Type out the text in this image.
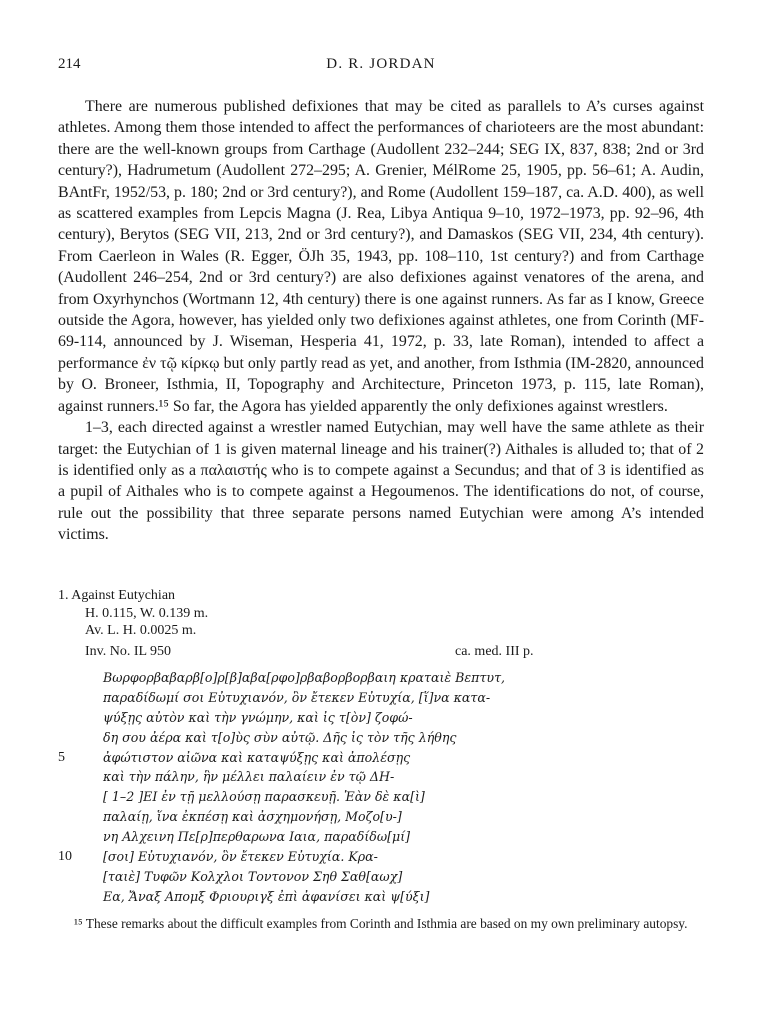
214	D. R. JORDAN

There are numerous published defixiones that may be cited as parallels to A’s curses against athletes. Among them those intended to affect the performances of charioteers are the most abundant: there are the well-known groups from Carthage (Audollent 232–244; SEG IX, 837, 838; 2nd or 3rd century?), Hadrumetum (Audollent 272–295; A. Grenier, MélRome 25, 1905, pp. 56–61; A. Audin, BAntFr, 1952/53, p. 180; 2nd or 3rd century?), and Rome (Audollent 159–187, ca. A.D. 400), as well as scattered examples from Lepcis Magna (J. Rea, Libya Antiqua 9–10, 1972–1973, pp. 92–96, 4th century), Berytos (SEG VII, 213, 2nd or 3rd century?), and Damaskos (SEG VII, 234, 4th century). From Caerleon in Wales (R. Egger, ÖJh 35, 1943, pp. 108–110, 1st century?) and from Carthage (Audollent 246–254, 2nd or 3rd century?) are also defixiones against venatores of the arena, and from Oxyrhynchos (Wortmann 12, 4th century) there is one against runners. As far as I know, Greece outside the Agora, however, has yielded only two defixiones against athletes, one from Corinth (MF-69-114, announced by J. Wiseman, Hesperia 41, 1972, p. 33, late Roman), intended to affect a performance ἐν τῷ κίρκῳ but only partly read as yet, and another, from Isthmia (IM-2820, announced by O. Broneer, Isthmia, II, Topography and Architecture, Princeton 1973, p. 115, late Roman), against runners.¹⁵ So far, the Agora has yielded apparently the only defixiones against wrestlers.

1–3, each directed against a wrestler named Eutychian, may well have the same athlete as their target: the Eutychian of 1 is given maternal lineage and his trainer(?) Aithales is alluded to; that of 2 is identified only as a παλαιστής who is to compete against a Secundus; and that of 3 is identified as a pupil of Aithales who is to compete against a Hegoumenos. The identifications do not, of course, rule out the possibility that three separate persons named Eutychian were among A’s intended victims.

1. Against Eutychian

H. 0.115, W. 0.139 m.

Av. L. H. 0.0025 m.

Inv. No. IL 950	ca. med. III p.
Βωρφορβαβαρβ[ο]ρ[β]αβα[ρφο]ρβαβορβορβαιη κραταιὲ Βεπτυτ,
παραδίδωμί σοι Εὐτυχιανόν, ὃν ἔτεκεν Εὐτυχία, [ἵ]να κατα-
ψύξῃς αὐτὸν καὶ τὴν γνώμην, καὶ ἰς τ[ὸν] ζοφώ-
δη σου ἀέρα καὶ τ[ο]ὺς σὺν αὐτῷ. Δῆς ἰς τὸν τῆς λήθης
5	ἀφώτιστον αἰῶνα καὶ καταψύξῃς καὶ ἀπολέσῃς
καὶ τὴν πάλην, ἣν μέλλει παλαίειν ἐν τῷ ΔΗ-
[ 1–2 ]ΕΙ ἐν τῇ μελλούσῃ παρασκευῇ. Ἐὰν δὲ κα[ὶ]
παλαίῃ, ἵνα ἐκπέσῃ καὶ ἀσχημονήσῃ, Μοζο[υ-]
νη Αλχεινη Πε[ρ]περθαρωνα Ιαια, παραδίδω[μί]
10 [σοι] Εὐτυχιανόν, ὃν ἔτεκεν Εὐτυχία. Κρα-
[ταιὲ] Τυφῶν Κολχλοι Τοντονον Σηθ Σαθ[αωχ]
Εα, Ἄναξ Απομξ Φριουριγξ ἐπὶ ἀφανίσει καὶ ψ[ύξι]
¹⁵ These remarks about the difficult examples from Corinth and Isthmia are based on my own preliminary autopsy.
